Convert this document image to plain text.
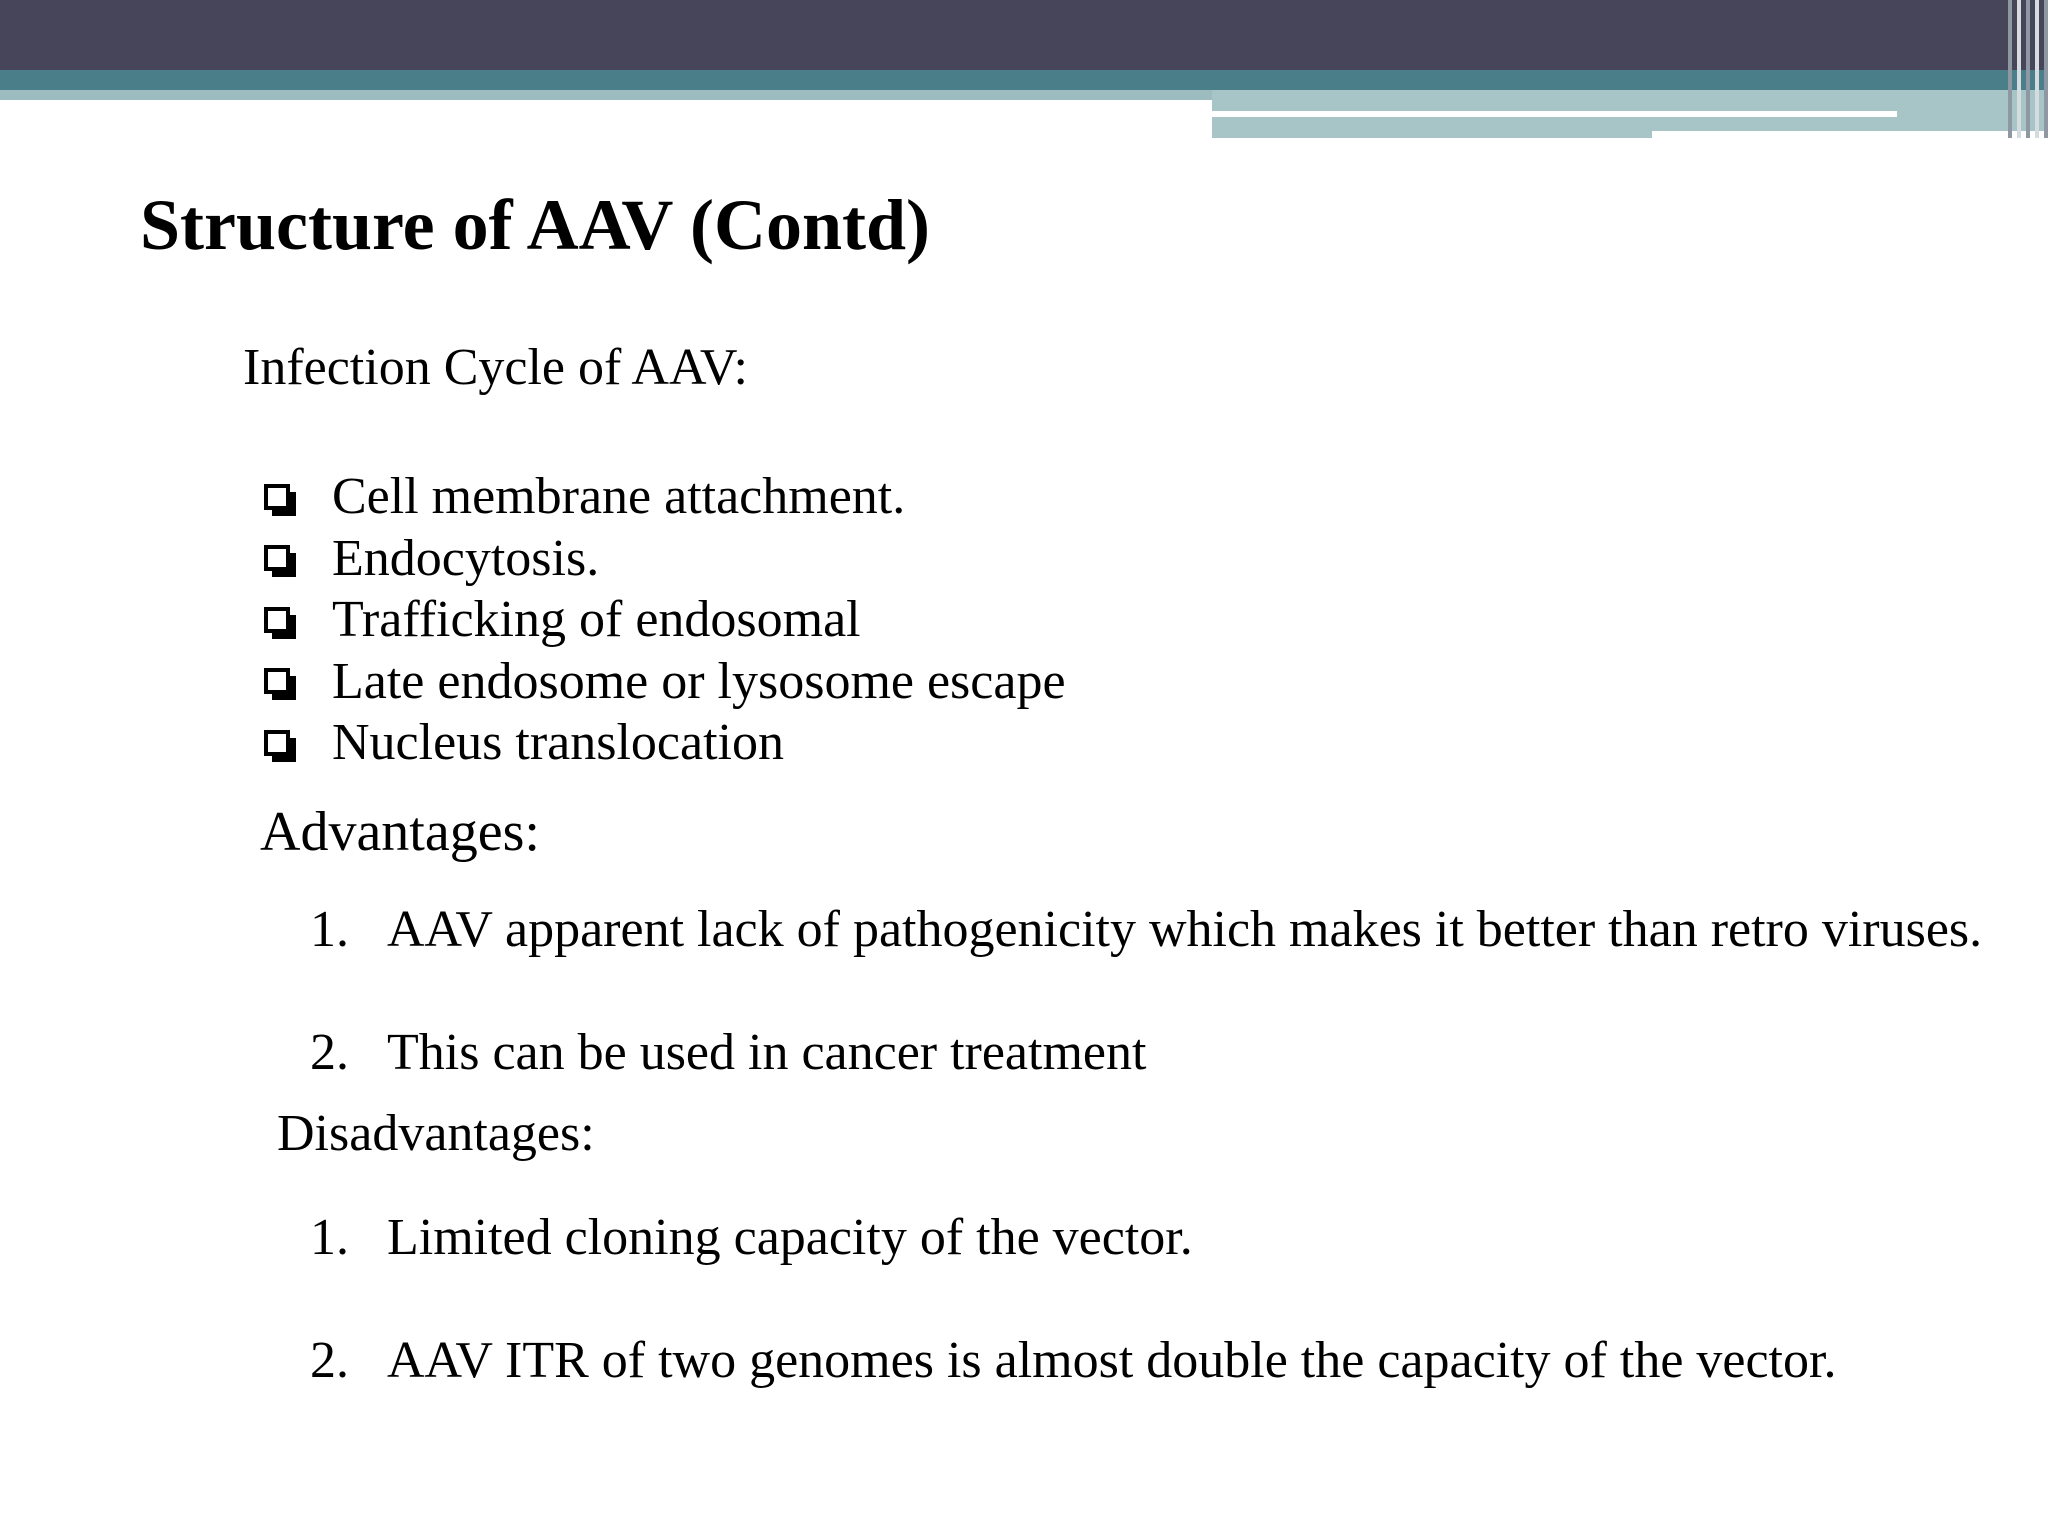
Structure of AAV (Contd)
Infection Cycle of AAV:
Cell membrane attachment.
Endocytosis.
Trafficking of endosomal
Late endosome or lysosome escape
Nucleus translocation
Advantages:
1. AAV apparent lack of pathogenicity which makes it better than retro viruses.
2. This can be used in cancer treatment
Disadvantages:
1. Limited cloning capacity of the vector.
2. AAV ITR of two genomes is almost double the capacity of the vector.
